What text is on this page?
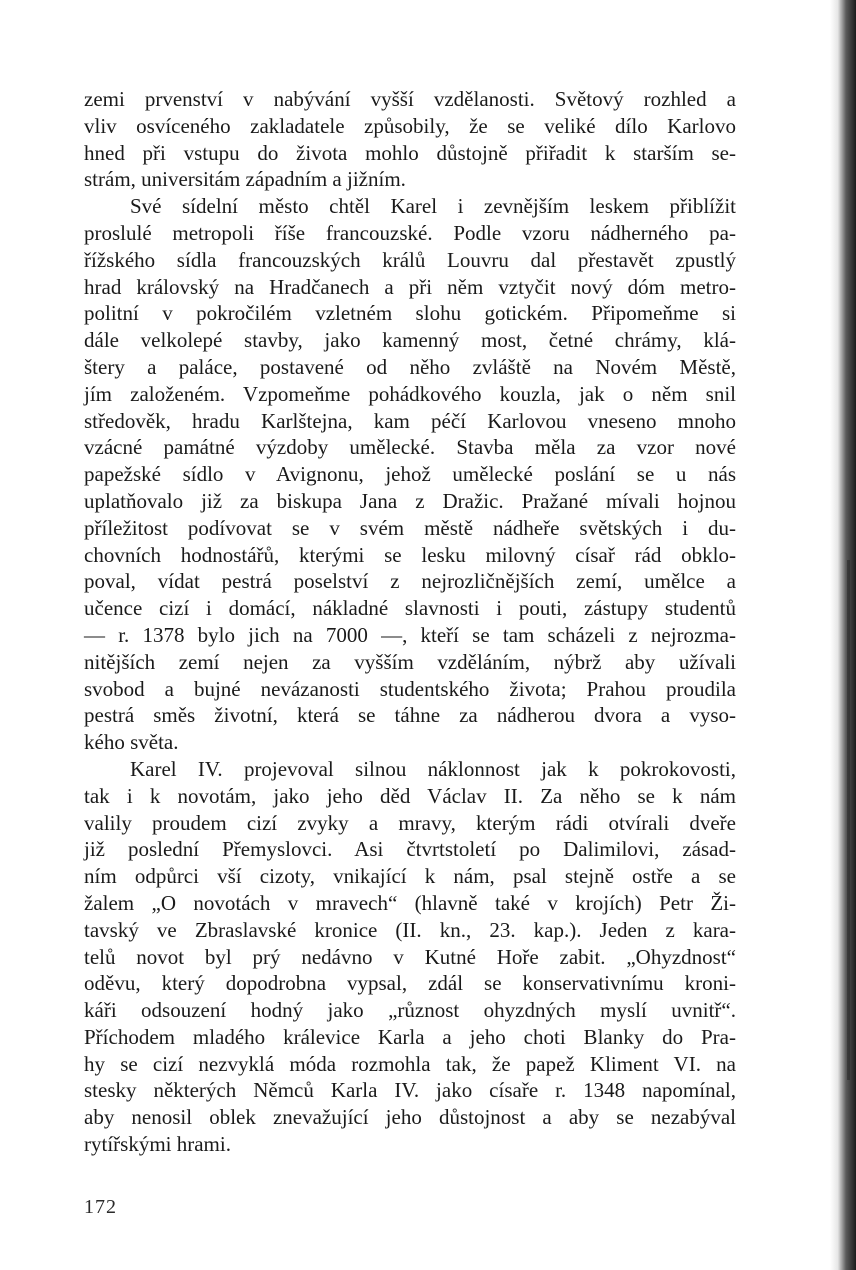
zemi prvenství v nabývání vyšší vzdělanosti. Světový rozhled a
vliv osvíceného zakladatele způsobily, že se veliké dílo Karlovo
hned při vstupu do života mohlo důstojně přiřadit k starším se-
strám, universitám západním a jižním.
Své sídelní město chtěl Karel i zevnějším leskem přiblížit
proslulé metropoli říše francouzské. Podle vzoru nádherného pa-
řížského sídla francouzských králů Louvru dal přestavět zpustlý
hrad královský na Hradčanech a při něm vztyčit nový dóm metro-
politní v pokročilém vzletném slohu gotickém. Připomeňme si
dále velkolepé stavby, jako kamenný most, četné chrámy, klá-
štery a paláce, postavené od něho zvláště na Novém Městě,
jím založeném. Vzpomeňme pohádkového kouzla, jak o něm snil
středověk, hradu Karlštejna, kam péčí Karlovou vneseno mnoho
vzácné památné výzdoby umělecké. Stavba měla za vzor nové
papežské sídlo v Avignonu, jehož umělecké poslání se u nás
uplatňovalo již za biskupa Jana z Dražic. Pražané mívali hojnou
příležitost podívovat se v svém městě nádheře světských i du-
chovních hodnostářů, kterými se lesku milovný císař rád obklo-
poval, vídat pestrá poselství z nejrozličnějších zemí, umělce a
učence cizí i domácí, nákladné slavnosti i pouti, zástupy studentů
— r. 1378 bylo jich na 7000 —, kteří se tam scházeli z nejrozma-
nitějších zemí nejen za vyšším vzděláním, nýbrž aby užívali
svobod a bujné nevázanosti studentského života; Prahou proudila
pestrá směs životní, která se táhne za nádherou dvora a vyso-
kého světa.
Karel IV. projevoval silnou náklonnost jak k pokrokovosti,
tak i k novotám, jako jeho děd Václav II. Za něho se k nám
valily proudem cizí zvyky a mravy, kterým rádi otvírali dveře
již poslední Přemyslovci. Asi čtvrtstoletí po Dalimilovi, zásad-
ním odpůrci vší cizoty, vnikající k nám, psal stejně ostře a se
žalem „O novotách v mravech“ (hlavně také v krojích) Petr Ži-
tavský ve Zbraslavské kronice (II. kn., 23. kap.). Jeden z kara-
telů novot byl prý nedávno v Kutné Hoře zabit. „Ohyzdnost“
oděvu, který dopodrobna vypsal, zdál se konservativnímu kroni-
káři odsouzení hodný jako „různost ohyzdných myslí uvnitř“.
Příchodem mladého králevice Karla a jeho choti Blanky do Pra-
hy se cizí nezvyklá móda rozmohla tak, že papež Kliment VI. na
stesky některých Němců Karla IV. jako císaře r. 1348 napomínal,
aby nenosil oblek znevažující jeho důstojnost a aby se nezabýval
rytířskými hrami.
172
